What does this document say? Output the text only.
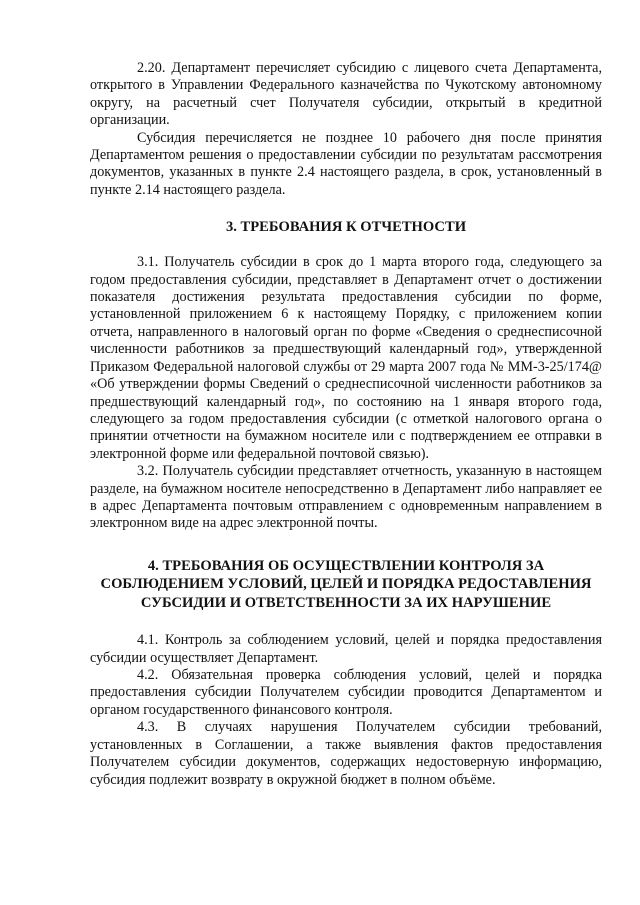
2.20. Департамент перечисляет субсидию с лицевого счета Департамента, открытого в Управлении Федерального казначейства по Чукотскому автономному округу, на расчетный счет Получателя субсидии, открытый в кредитной организации.

Субсидия перечисляется не позднее 10 рабочего дня после принятия Департаментом решения о предоставлении субсидии по результатам рассмотрения документов, указанных в пункте 2.4 настоящего раздела, в срок, установленный в пункте 2.14 настоящего раздела.

3. ТРЕБОВАНИЯ К ОТЧЕТНОСТИ

3.1. Получатель субсидии в срок до 1 марта второго года, следующего за годом предоставления субсидии, представляет в Департамент отчет о достижении показателя достижения результата предоставления субсидии по форме, установленной приложением 6 к настоящему Порядку, с приложением копии отчета, направленного в налоговый орган по форме «Сведения о среднесписочной численности работников за предшествующий календарный год», утвержденной Приказом Федеральной налоговой службы от 29 марта 2007 года № ММ-3-25/174@ «Об утверждении формы Сведений о среднесписочной численности работников за предшествующий календарный год», по состоянию на 1 января второго года, следующего за годом предоставления субсидии (с отметкой налогового органа о принятии отчетности на бумажном носителе или с подтверждением ее отправки в электронной форме или федеральной почтовой связью).

3.2. Получатель субсидии представляет отчетность, указанную в настоящем разделе, на бумажном носителе непосредственно в Департамент либо направляет ее в адрес Департамента почтовым отправлением с одновременным направлением в электронном виде на адрес электронной почты.

4. ТРЕБОВАНИЯ ОБ ОСУЩЕСТВЛЕНИИ КОНТРОЛЯ ЗА
СОБЛЮДЕНИЕМ УСЛОВИЙ, ЦЕЛЕЙ И ПОРЯДКА РЕДОСТАВЛЕНИЯ
СУБСИДИИ И ОТВЕТСТВЕННОСТИ ЗА ИХ НАРУШЕНИЕ

4.1. Контроль за соблюдением условий, целей и порядка предоставления субсидии осуществляет Департамент.

4.2. Обязательная проверка соблюдения условий, целей и порядка предоставления субсидии Получателем субсидии проводится Департаментом и органом государственного финансового контроля.

4.3. В случаях нарушения Получателем субсидии требований, установленных в Соглашении, а также выявления фактов предоставления Получателем субсидии документов, содержащих недостоверную информацию, субсидия подлежит возврату в окружной бюджет в полном объёме.
